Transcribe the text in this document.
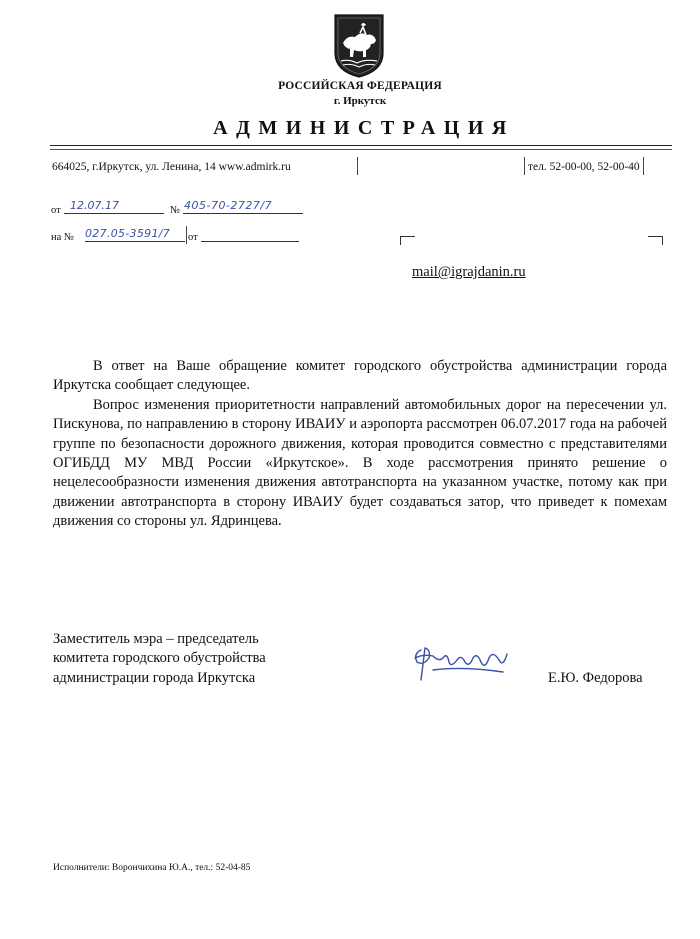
РОССИЙСКАЯ ФЕДЕРАЦИЯ
г. Иркутск
АДМИНИСТРАЦИЯ
664025, г.Иркутск, ул. Ленина, 14 www.admirk.ru	тел. 52-00-00, 52-00-40
от 12.07.17	№ 405-70-2727/7
на № 027.05-3591/7 от
mail@igrajdanin.ru

В ответ на Ваше обращение комитет городского обустройства администрации города Иркутска сообщает следующее.

Вопрос изменения приоритетности направлений автомобильных дорог на пересечении ул. Пискунова, по направлению в сторону ИВАИУ и аэропорта рассмотрен 06.07.2017 года на рабочей группе по безопасности дорожного движения, которая проводится совместно с представителями ОГИБДД МУ МВД России «Иркутское». В ходе рассмотрения принято решение о нецелесообразности изменения движения автотранспорта на указанном участке, потому как при движении автотранспорта в сторону ИВАИУ будет создаваться затор, что приведет к помехам движения со стороны ул. Ядринцева.

Заместитель мэра – председатель
комитета городского обустройства
администрации города Иркутска	Е.Ю. Федорова
Исполнители: Ворончихина Ю.А., тел.: 52-04-85
